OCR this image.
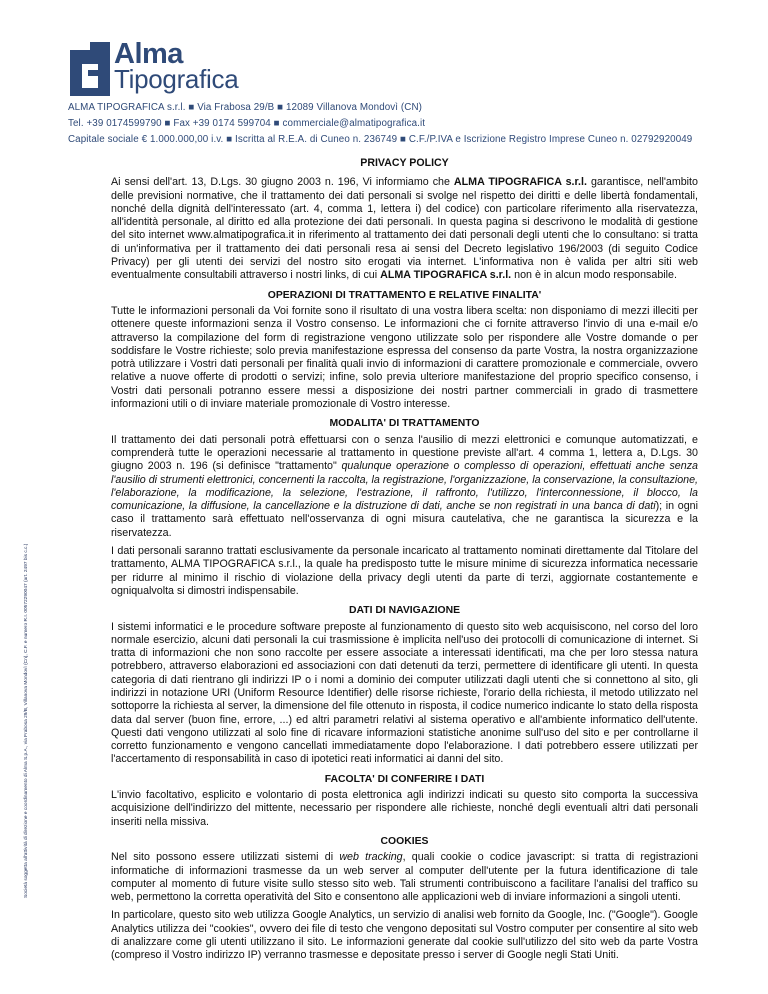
Alma
Tipografica
ALMA TIPOGRAFICA s.r.l. ■ Via Frabosa 29/B ■ 12089 Villanova Mondovì (CN)
Tel. +39 0174599790 ■ Fax +39 0174 599704 ■ commerciale@almatipografica.it
Capitale sociale € 1.000.000,00 i.v. ■ Iscritta al R.E.A. di Cuneo n. 236749 ■ C.F./P.IVA e Iscrizione Registro Imprese Cuneo n. 02792920049
Società soggetta all'attività di direzione e coordinamento di Alma S.p.A., via Frabosa 29/B, Villanova Mondovì (Cn), C.F. e numero R.I. 00572290047 (art. 2497 bis c.c.)
PRIVACY POLICY

Ai sensi dell'art. 13, D.Lgs. 30 giugno 2003 n. 196, Vi informiamo che ALMA TIPOGRAFICA s.r.l. garantisce, nell'ambito delle previsioni normative, che il trattamento dei dati personali si svolge nel rispetto dei diritti e delle libertà fondamentali, nonché della dignità dell'interessato (art. 4, comma 1, lettera i) del codice) con particolare riferimento alla riservatezza, all'identità personale, al diritto ed alla protezione dei dati personali. In questa pagina si descrivono le modalità di gestione del sito internet www.almatipografica.it in riferimento al trattamento dei dati personali degli utenti che lo consultano: si tratta di un'informativa per il trattamento dei dati personali resa ai sensi del Decreto legislativo 196/2003 (di seguito Codice Privacy) per gli utenti dei servizi del nostro sito erogati via internet. L'informativa non è valida per altri siti web eventualmente consultabili attraverso i nostri links, di cui ALMA TIPOGRAFICA s.r.l. non è in alcun modo responsabile.

OPERAZIONI DI TRATTAMENTO E RELATIVE FINALITA'

Tutte le informazioni personali da Voi fornite sono il risultato di una vostra libera scelta: non disponiamo di mezzi illeciti per ottenere queste informazioni senza il Vostro consenso. Le informazioni che ci fornite attraverso l'invio di una e-mail e/o attraverso la compilazione del form di registrazione vengono utilizzate solo per rispondere alle Vostre domande o per soddisfare le Vostre richieste; solo previa manifestazione espressa del consenso da parte Vostra, la nostra organizzazione potrà utilizzare i Vostri dati personali per finalità quali invio di informazioni di carattere promozionale e commerciale, ovvero relative a nuove offerte di prodotti o servizi; infine, solo previa ulteriore manifestazione del proprio specifico consenso, i Vostri dati personali potranno essere messi a disposizione dei nostri partner commerciali in grado di trasmettere informazioni utili o di inviare materiale promozionale di Vostro interesse.

MODALITA' DI TRATTAMENTO

Il trattamento dei dati personali potrà effettuarsi con o senza l'ausilio di mezzi elettronici e comunque automatizzati, e comprenderà tutte le operazioni necessarie al trattamento in questione previste all'art. 4 comma 1, lettera a, D.Lgs. 30 giugno 2003 n. 196 (si definisce "trattamento" qualunque operazione o complesso di operazioni, effettuati anche senza l'ausilio di strumenti elettronici, concernenti la raccolta, la registrazione, l'organizzazione, la conservazione, la consultazione, l'elaborazione, la modificazione, la selezione, l'estrazione, il raffronto, l'utilizzo, l'interconnessione, il blocco, la comunicazione, la diffusione, la cancellazione e la distruzione di dati, anche se non registrati in una banca di dati); in ogni caso il trattamento sarà effettuato nell'osservanza di ogni misura cautelativa, che ne garantisca la sicurezza e la riservatezza.

I dati personali saranno trattati esclusivamente da personale incaricato al trattamento nominati direttamente dal Titolare del trattamento, ALMA TIPOGRAFICA s.r.l., la quale ha predisposto tutte le misure minime di sicurezza informatica necessarie per ridurre al minimo il rischio di violazione della privacy degli utenti da parte di terzi, aggiornate costantemente e ogniqualvolta si dimostri indispensabile.

DATI DI NAVIGAZIONE

I sistemi informatici e le procedure software preposte al funzionamento di questo sito web acquisiscono, nel corso del loro normale esercizio, alcuni dati personali la cui trasmissione è implicita nell'uso dei protocolli di comunicazione di internet. Si tratta di informazioni che non sono raccolte per essere associate a interessati identificati, ma che per loro stessa natura potrebbero, attraverso elaborazioni ed associazioni con dati detenuti da terzi, permettere di identificare gli utenti. In questa categoria di dati rientrano gli indirizzi IP o i nomi a dominio dei computer utilizzati dagli utenti che si connettono al sito, gli indirizzi in notazione URI (Uniform Resource Identifier) delle risorse richieste, l'orario della richiesta, il metodo utilizzato nel sottoporre la richiesta al server, la dimensione del file ottenuto in risposta, il codice numerico indicante lo stato della risposta data dal server (buon fine, errore, ...) ed altri parametri relativi al sistema operativo e all'ambiente informatico dell'utente. Questi dati vengono utilizzati al solo fine di ricavare informazioni statistiche anonime sull'uso del sito e per controllarne il corretto funzionamento e vengono cancellati immediatamente dopo l'elaborazione. I dati potrebbero essere utilizzati per l'accertamento di responsabilità in caso di ipotetici reati informatici ai danni del sito.

FACOLTA' DI CONFERIRE I DATI

L'invio facoltativo, esplicito e volontario di posta elettronica agli indirizzi indicati su questo sito comporta la successiva acquisizione dell'indirizzo del mittente, necessario per rispondere alle richieste, nonché degli eventuali altri dati personali inseriti nella missiva.

COOKIES

Nel sito possono essere utilizzati sistemi di web tracking, quali cookie o codice javascript: si tratta di registrazioni informatiche di informazioni trasmesse da un web server al computer dell'utente per la futura identificazione di tale computer al momento di future visite sullo stesso sito web. Tali strumenti contribuiscono a facilitare l'analisi del traffico su web, permettono la corretta operatività del Sito e consentono alle applicazioni web di inviare informazioni a singoli utenti.

In particolare, questo sito web utilizza Google Analytics, un servizio di analisi web fornito da Google, Inc. ("Google"). Google Analytics utilizza dei "cookies", ovvero dei file di testo che vengono depositati sul Vostro computer per consentire al sito web di analizzare come gli utenti utilizzano il sito. Le informazioni generate dal cookie sull'utilizzo del sito web da parte Vostra (compreso il Vostro indirizzo IP) verranno trasmesse e depositate presso i server di Google negli Stati Uniti.
